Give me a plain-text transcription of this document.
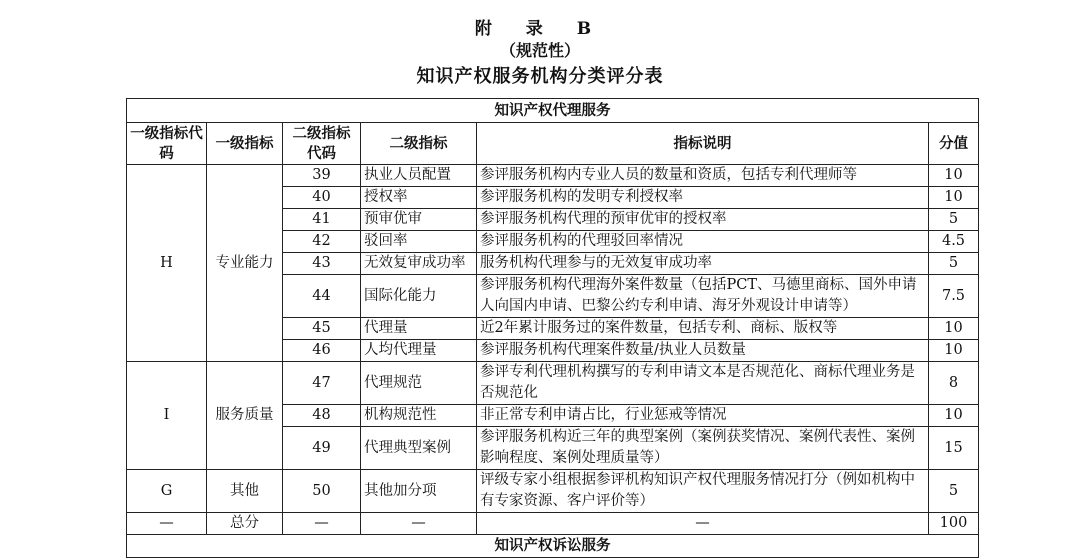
附 录 B
（规范性）
知识产权服务机构分类评分表
知识产权代理服务					
一级指标代码	一级指标	二级指标代码	二级指标	指标说明	分值
H	专业能力	39	执业人员配置	参评服务机构内专业人员的数量和资质，包括专利代理师等	10
		40	授权率	参评服务机构的发明专利授权率	10
		41	预审优审	参评服务机构代理的预审优审的授权率	5
		42	驳回率	参评服务机构的代理驳回率情况	4.5
		43	无效复审成功率	服务机构代理参与的无效复审成功率	5
		44	国际化能力	参评服务机构代理海外案件数量（包括PCT、马德里商标、国外申请人向国内申请、巴黎公约专利申请、海牙外观设计申请等）	7.5
		45	代理量	近2年累计服务过的案件数量，包括专利、商标、版权等	10
		46	人均代理量	参评服务机构代理案件数量/执业人员数量	10
I	服务质量	47	代理规范	参评专利代理机构撰写的专利申请文本是否规范化、商标代理业务是否规范化	8
		48	机构规范性	非正常专利申请占比，行业惩戒等情况	10
		49	代理典型案例	参评服务机构近三年的典型案例（案例获奖情况、案例代表性、案例影响程度、案例处理质量等）	15
G	其他	50	其他加分项	评级专家小组根据参评机构知识产权代理服务情况打分（例如机构中有专家资源、客户评价等）	5
—	总分	—	—	—	100
知识产权诉讼服务					
